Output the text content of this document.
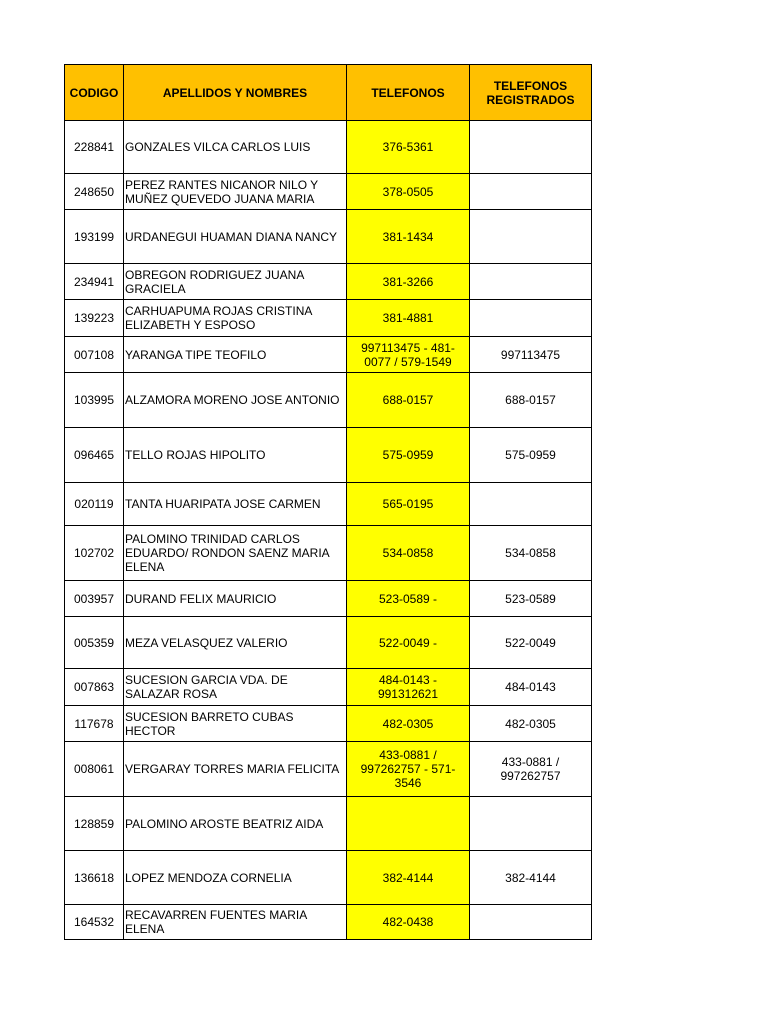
CODIGO	APELLIDOS Y NOMBRES	TELEFONOS	TELEFONOS REGISTRADOS
228841	GONZALES VILCA CARLOS LUIS	376-5361	
248650	PEREZ RANTES NICANOR NILO Y MUÑEZ QUEVEDO JUANA MARIA	378-0505	
193199	URDANEGUI HUAMAN DIANA NANCY	381-1434	
234941	OBREGON RODRIGUEZ JUANA GRACIELA	381-3266	
139223	CARHUAPUMA ROJAS CRISTINA ELIZABETH Y ESPOSO	381-4881	
007108	YARANGA TIPE TEOFILO	997113475 - 481-0077 / 579-1549	997113475
103995	ALZAMORA MORENO JOSE ANTONIO	688-0157	688-0157
096465	TELLO ROJAS HIPOLITO	575-0959	575-0959
020119	TANTA HUARIPATA JOSE CARMEN	565-0195	
102702	PALOMINO TRINIDAD CARLOS EDUARDO/ RONDON SAENZ MARIA ELENA	534-0858	534-0858
003957	DURAND FELIX MAURICIO	523-0589 -	523-0589
005359	MEZA VELASQUEZ VALERIO	522-0049 -	522-0049
007863	SUCESION GARCIA VDA. DE SALAZAR ROSA	484-0143 - 991312621	484-0143
117678	SUCESION BARRETO CUBAS HECTOR	482-0305	482-0305
008061	VERGARAY TORRES MARIA FELICITA	433-0881 / 997262757 - 571-3546	433-0881 / 997262757
128859	PALOMINO AROSTE BEATRIZ AIDA		
136618	LOPEZ MENDOZA CORNELIA	382-4144	382-4144
164532	RECAVARREN FUENTES MARIA ELENA	482-0438	
